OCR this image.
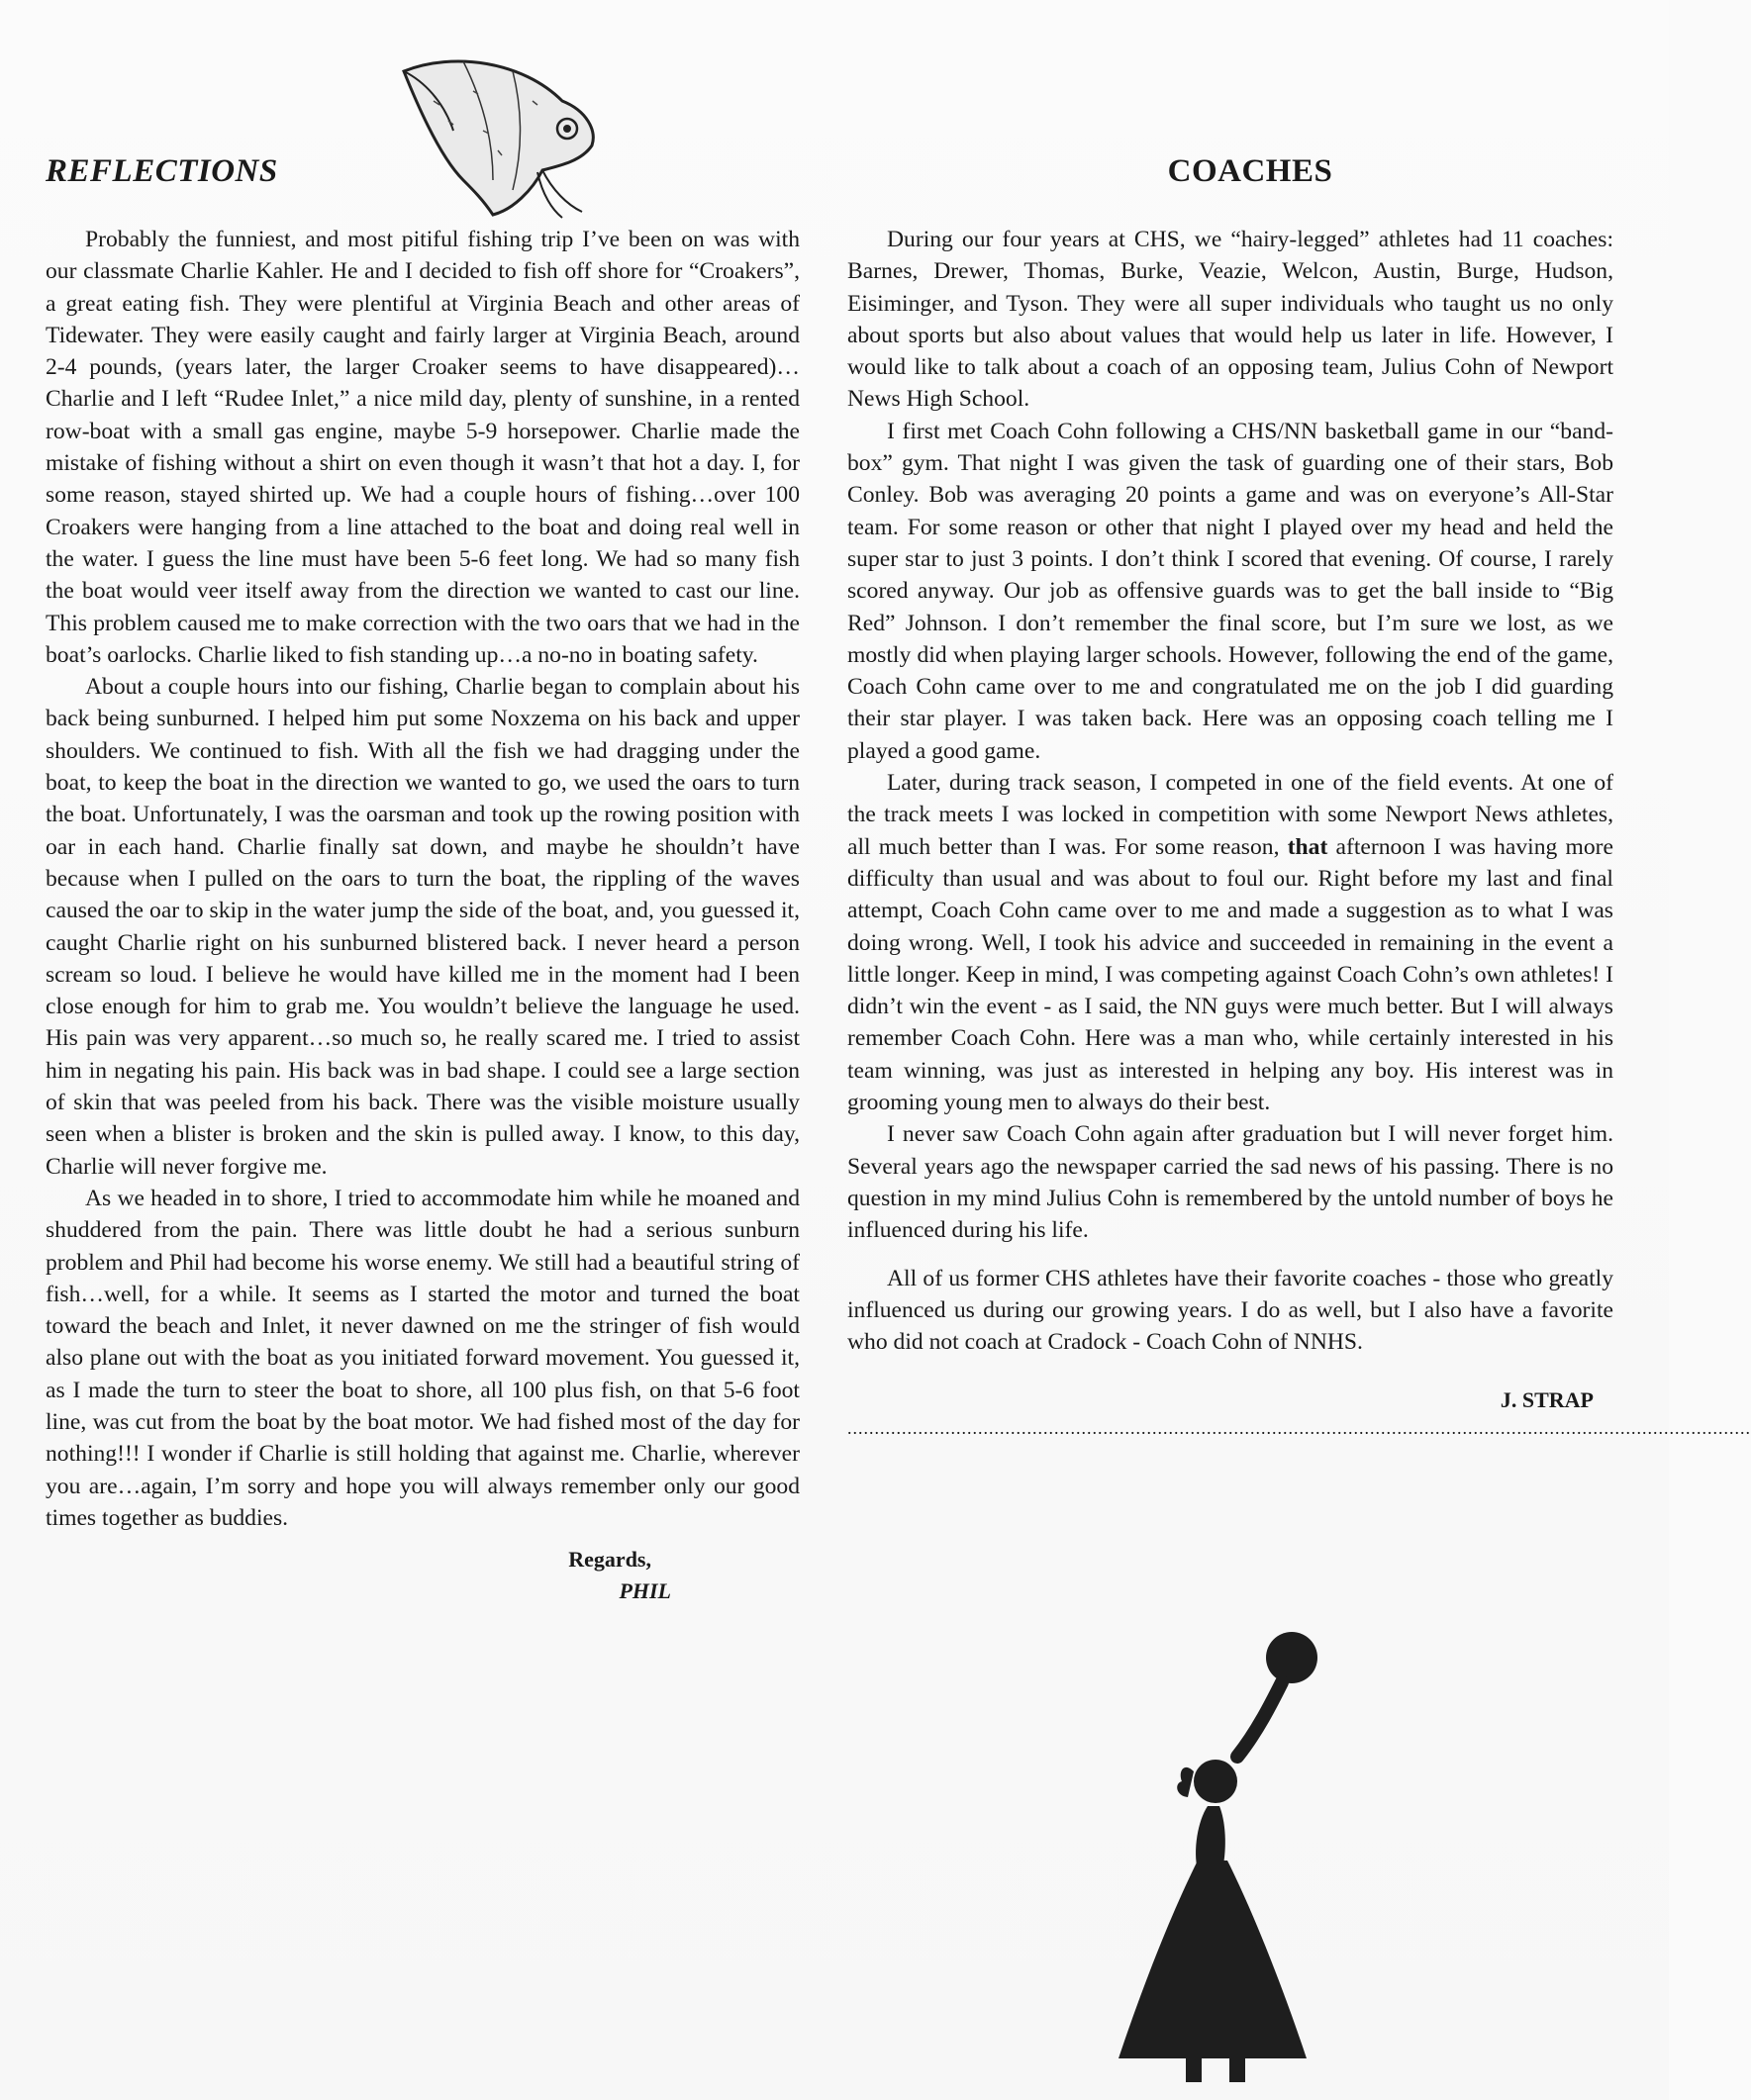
REFLECTIONS

Probably the funniest, and most pitiful fishing trip I’ve been on was with our classmate Charlie Kahler. He and I decided to fish off shore for “Croakers”, a great eating fish. They were plentiful at Virginia Beach and other areas of Tidewater. They were easily caught and fairly larger at Virginia Beach, around 2-4 pounds, (years later, the larger Croaker seems to have disappeared)…Charlie and I left “Rudee Inlet,” a nice mild day, plenty of sunshine, in a rented row-boat with a small gas engine, maybe 5-9 horsepower. Charlie made the mistake of fishing without a shirt on even though it wasn’t that hot a day. I, for some reason, stayed shirted up. We had a couple hours of fishing…over 100 Croakers were hanging from a line attached to the boat and doing real well in the water. I guess the line must have been 5-6 feet long. We had so many fish the boat would veer itself away from the direction we wanted to cast our line. This problem caused me to make correction with the two oars that we had in the boat’s oarlocks. Charlie liked to fish standing up…a no-no in boating safety.

About a couple hours into our fishing, Charlie began to complain about his back being sunburned. I helped him put some Noxzema on his back and upper shoulders. We continued to fish. With all the fish we had dragging under the boat, to keep the boat in the direction we wanted to go, we used the oars to turn the boat. Unfortunately, I was the oarsman and took up the rowing position with oar in each hand. Charlie finally sat down, and maybe he shouldn’t have because when I pulled on the oars to turn the boat, the rippling of the waves caused the oar to skip in the water jump the side of the boat, and, you guessed it, caught Charlie right on his sunburned blistered back. I never heard a person scream so loud. I believe he would have killed me in the moment had I been close enough for him to grab me. You wouldn’t believe the language he used. His pain was very apparent…so much so, he really scared me. I tried to assist him in negating his pain. His back was in bad shape. I could see a large section of skin that was peeled from his back. There was the visible moisture usually seen when a blister is broken and the skin is pulled away. I know, to this day, Charlie will never forgive me.

As we headed in to shore, I tried to accommodate him while he moaned and shuddered from the pain. There was little doubt he had a serious sunburn problem and Phil had become his worse enemy. We still had a beautiful string of fish…well, for a while. It seems as I started the motor and turned the boat toward the beach and Inlet, it never dawned on me the stringer of fish would also plane out with the boat as you initiated forward movement. You guessed it, as I made the turn to steer the boat to shore, all 100 plus fish, on that 5-6 foot line, was cut from the boat by the boat motor. We had fished most of the day for nothing!!! I wonder if Charlie is still holding that against me. Charlie, wherever you are…again, I’m sorry and hope you will always remember only our good times together as buddies.

Regards,
PHIL
COACHES

During our four years at CHS, we “hairy-legged” athletes had 11 coaches: Barnes, Drewer, Thomas, Burke, Veazie, Welcon, Austin, Burge, Hudson, Eisiminger, and Tyson. They were all super individuals who taught us no only about sports but also about values that would help us later in life. However, I would like to talk about a coach of an opposing team, Julius Cohn of Newport News High School.

I first met Coach Cohn following a CHS/NN basketball game in our “band-box” gym. That night I was given the task of guarding one of their stars, Bob Conley. Bob was averaging 20 points a game and was on everyone’s All-Star team. For some reason or other that night I played over my head and held the super star to just 3 points. I don’t think I scored that evening. Of course, I rarely scored anyway. Our job as offensive guards was to get the ball inside to “Big Red” Johnson. I don’t remember the final score, but I’m sure we lost, as we mostly did when playing larger schools. However, following the end of the game, Coach Cohn came over to me and congratulated me on the job I did guarding their star player. I was taken back. Here was an opposing coach telling me I played a good game.

Later, during track season, I competed in one of the field events. At one of the track meets I was locked in competition with some Newport News athletes, all much better than I was. For some reason, that afternoon I was having more difficulty than usual and was about to foul our. Right before my last and final attempt, Coach Cohn came over to me and made a suggestion as to what I was doing wrong. Well, I took his advice and succeeded in remaining in the event a little longer. Keep in mind, I was competing against Coach Cohn’s own athletes! I didn’t win the event - as I said, the NN guys were much better. But I will always remember Coach Cohn. Here was a man who, while certainly interested in his team winning, was just as interested in helping any boy. His interest was in grooming young men to always do their best.

I never saw Coach Cohn again after graduation but I will never forget him. Several years ago the newspaper carried the sad news of his passing. There is no question in my mind Julius Cohn is remembered by the untold number of boys he influenced during his life.

All of us former CHS athletes have their favorite coaches - those who greatly influenced us during our growing years. I do as well, but I also have a favorite who did not coach at Cradock - Coach Cohn of NNHS.

J. STRAP
......................................................................................................................................................................
